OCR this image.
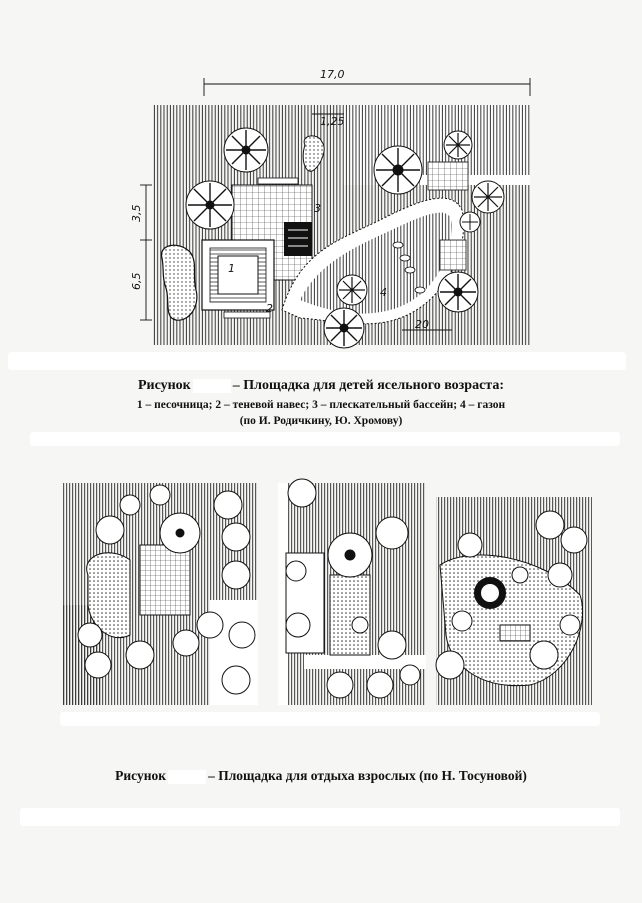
17,0
1,25
3,5
6,5
20
1
2
3
4
Рисунок	– Площадка для детей ясельного возраста:
1 – песочница; 2 – теневой навес; 3 – плескательный бассейн; 4 – газон
(по И. Родичкину, Ю. Хромову)
Рисунок	– Площадка для отдыха взрослых (по Н. Тосуновой)
